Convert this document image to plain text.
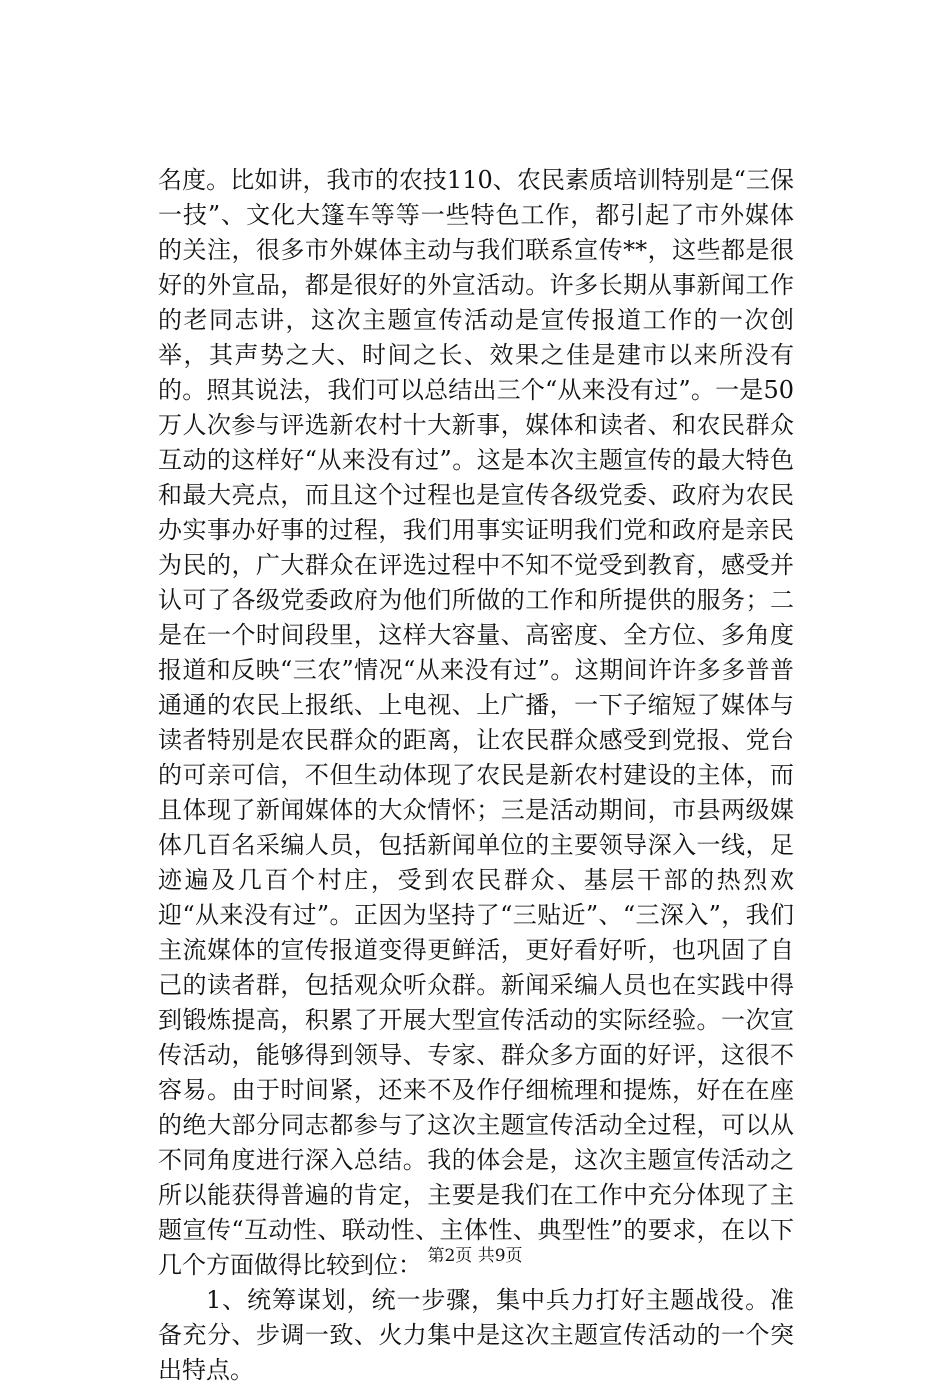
名度。比如讲，我市的农技110、农民素质培训特别是“三保一技”、文化大篷车等等一些特色工作，都引起了市外媒体的关注，很多市外媒体主动与我们联系宣传**，这些都是很好的外宣品，都是很好的外宣活动。许多长期从事新闻工作的老同志讲，这次主题宣传活动是宣传报道工作的一次创举，其声势之大、时间之长、效果之佳是建市以来所没有的。照其说法，我们可以总结出三个“从来没有过”。一是50万人次参与评选新农村十大新事，媒体和读者、和农民群众互动的这样好“从来没有过”。这是本次主题宣传的最大特色和最大亮点，而且这个过程也是宣传各级党委、政府为农民办实事办好事的过程，我们用事实证明我们党和政府是亲民为民的，广大群众在评选过程中不知不觉受到教育，感受并认可了各级党委政府为他们所做的工作和所提供的服务；二是在一个时间段里，这样大容量、高密度、全方位、多角度报道和反映“三农”情况“从来没有过”。这期间许许多多普普通通的农民上报纸、上电视、上广播，一下子缩短了媒体与读者特别是农民群众的距离，让农民群众感受到党报、党台的可亲可信，不但生动体现了农民是新农村建设的主体，而且体现了新闻媒体的大众情怀；三是活动期间，市县两级媒体几百名采编人员，包括新闻单位的主要领导深入一线，足迹遍及几百个村庄，受到农民群众、基层干部的热烈欢迎“从来没有过”。正因为坚持了“三贴近”、“三深入”，我们主流媒体的宣传报道变得更鲜活，更好看好听，也巩固了自己的读者群，包括观众听众群。新闻采编人员也在实践中得到锻炼提高，积累了开展大型宣传活动的实际经验。一次宣传活动，能够得到领导、专家、群众多方面的好评，这很不容易。由于时间紧，还来不及作仔细梳理和提炼，好在在座的绝大部分同志都参与了这次主题宣传活动全过程，可以从不同角度进行深入总结。我的体会是，这次主题宣传活动之所以能获得普遍的肯定，主要是我们在工作中充分体现了主题宣传“互动性、联动性、主体性、典型性”的要求，在以下几个方面做得比较到位：

1、统筹谋划，统一步骤，集中兵力打好主题战役。准备充分、步调一致、火力集中是这次主题宣传活动的一个突出特点。

第2页 共9页
